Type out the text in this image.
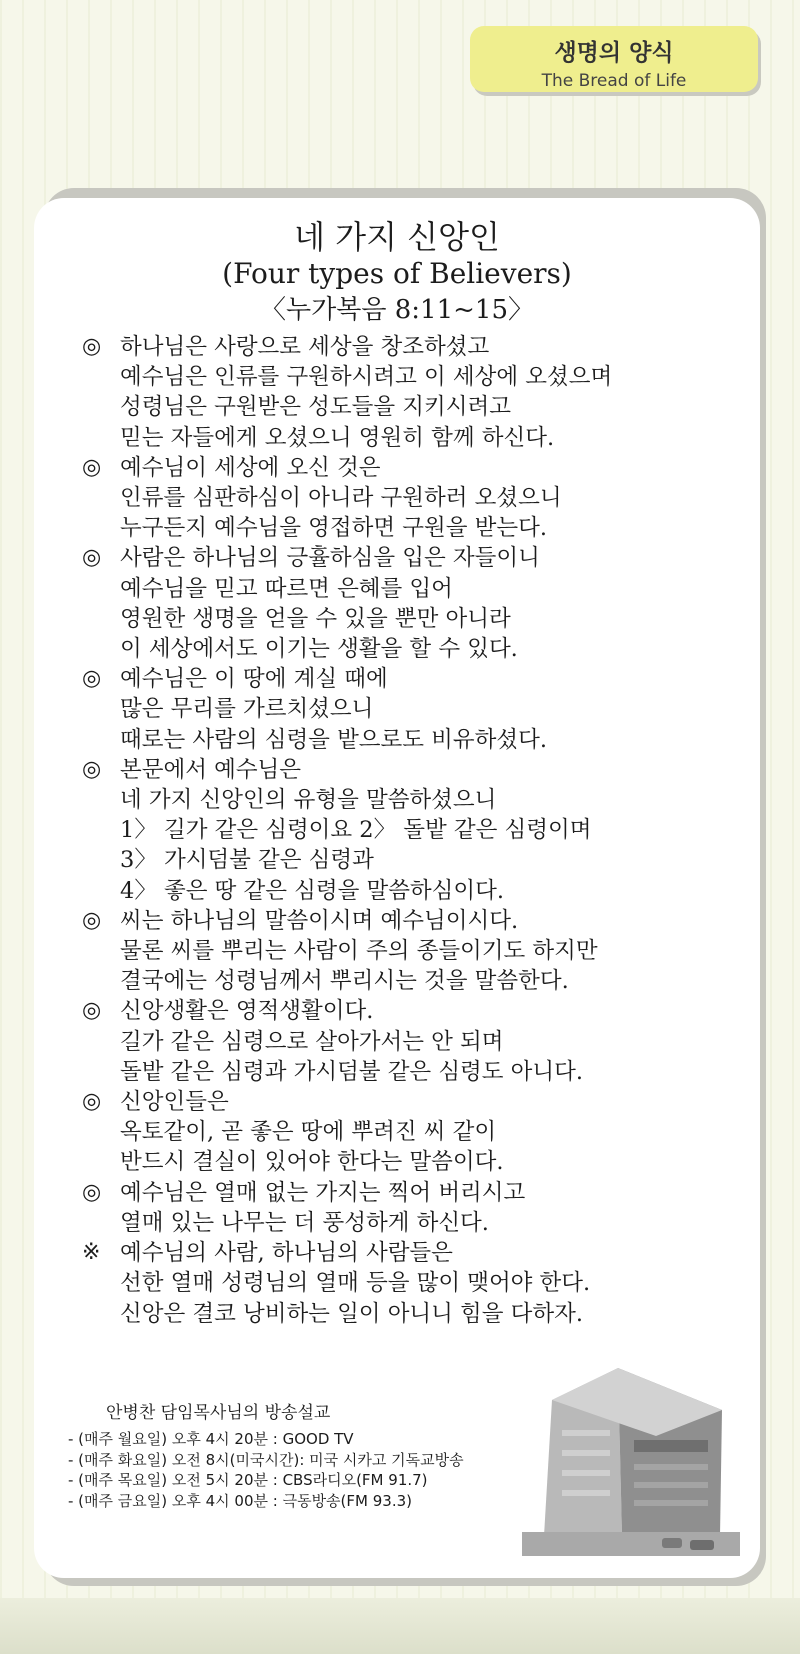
생명의 양식
The Bread of Life
네 가지 신앙인
(Four types of Believers)
〈누가복음 8:11~15〉
◎ 하나님은 사랑으로 세상을 창조하셨고
예수님은 인류를 구원하시려고 이 세상에 오셨으며
성령님은 구원받은 성도들을 지키시려고
믿는 자들에게 오셨으니 영원히 함께 하신다.
◎ 예수님이 세상에 오신 것은
인류를 심판하심이 아니라 구원하러 오셨으니
누구든지 예수님을 영접하면 구원을 받는다.
◎ 사람은 하나님의 긍휼하심을 입은 자들이니
예수님을 믿고 따르면 은혜를 입어
영원한 생명을 얻을 수 있을 뿐만 아니라
이 세상에서도 이기는 생활을 할 수 있다.
◎ 예수님은 이 땅에 계실 때에
많은 무리를 가르치셨으니
때로는 사람의 심령을 밭으로도 비유하셨다.
◎ 본문에서 예수님은
네 가지 신앙인의 유형을 말씀하셨으니
1〉 길가 같은 심령이요 2〉 돌밭 같은 심령이며
3〉 가시덤불 같은 심령과
4〉 좋은 땅 같은 심령을 말씀하심이다.
◎ 씨는 하나님의 말씀이시며 예수님이시다.
물론 씨를 뿌리는 사람이 주의 종들이기도 하지만
결국에는 성령님께서 뿌리시는 것을 말씀한다.
◎ 신앙생활은 영적생활이다.
길가 같은 심령으로 살아가서는 안 되며
돌밭 같은 심령과 가시덤불 같은 심령도 아니다.
◎ 신앙인들은
옥토같이, 곧 좋은 땅에 뿌려진 씨 같이
반드시 결실이 있어야 한다는 말씀이다.
◎ 예수님은 열매 없는 가지는 찍어 버리시고
열매 있는 나무는 더 풍성하게 하신다.
※ 예수님의 사람, 하나님의 사람들은
선한 열매 성령님의 열매 등을 많이 맺어야 한다.
신앙은 결코 낭비하는 일이 아니니 힘을 다하자.
안병찬 담임목사님의 방송설교
- (매주 월요일) 오후 4시 20분 : GOOD TV
- (매주 화요일) 오전 8시(미국시간): 미국 시카고 기독교방송
- (매주 목요일) 오전 5시 20분 : CBS라디오(FM 91.7)
- (매주 금요일) 오후 4시 00분 : 극동방송(FM 93.3)
